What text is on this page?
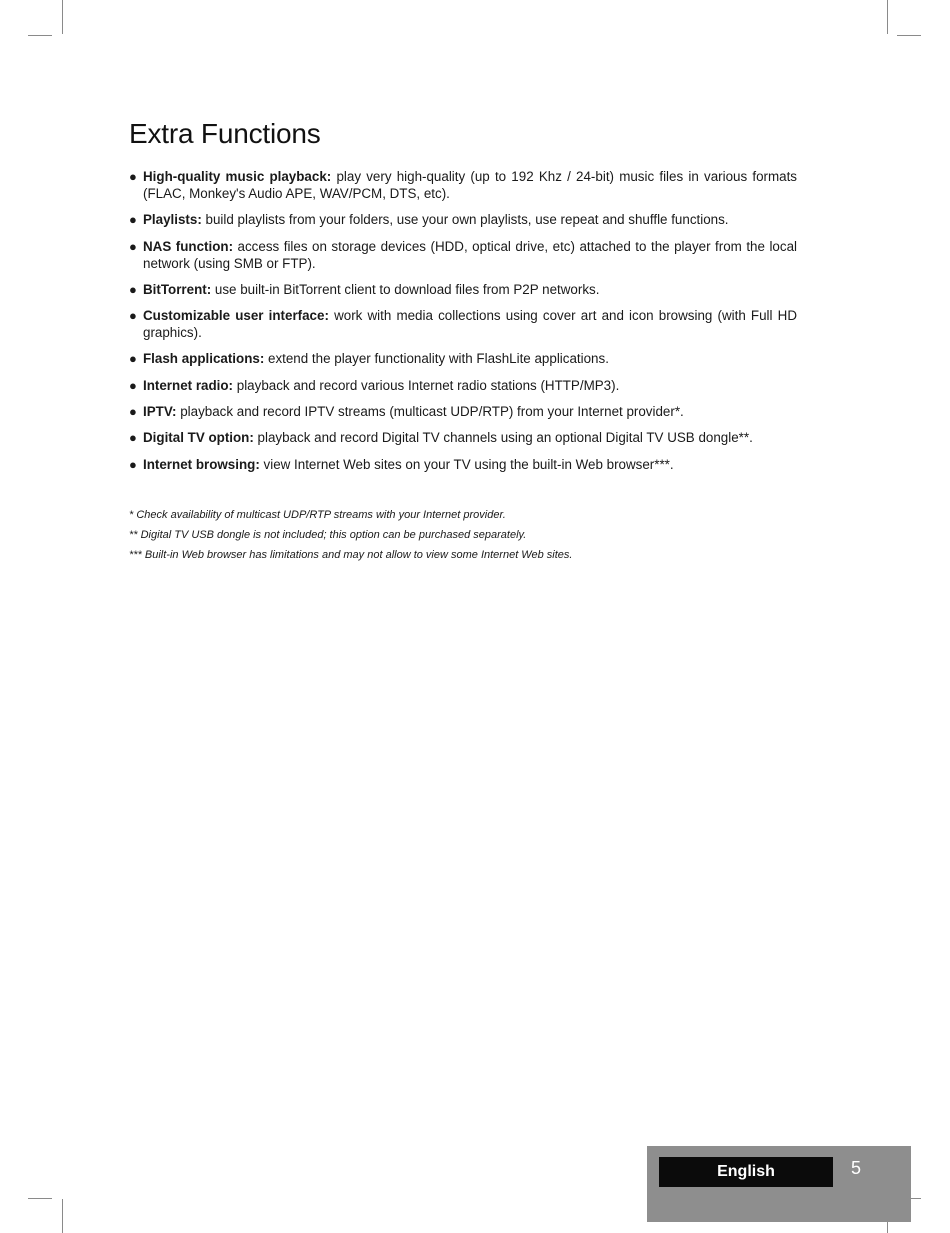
Extra Functions
● High-quality music playback: play very high-quality (up to 192 Khz / 24-bit) music files in various formats (FLAC, Monkey's Audio APE, WAV/PCM, DTS, etc).
● Playlists: build playlists from your folders, use your own playlists, use repeat and shuffle functions.
● NAS function: access files on storage devices (HDD, optical drive, etc) attached to the player from the local network (using SMB or FTP).
● BitTorrent: use built-in BitTorrent client to download files from P2P networks.
● Customizable user interface: work with media collections using cover art and icon browsing (with Full HD graphics).
● Flash applications: extend the player functionality with FlashLite applications.
● Internet radio: playback and record various Internet radio stations (HTTP/MP3).
● IPTV: playback and record IPTV streams (multicast UDP/RTP) from your Internet provider*.
● Digital TV option: playback and record Digital TV channels using an optional Digital TV USB dongle**.
● Internet browsing: view Internet Web sites on your TV using the built-in Web browser***.

* Check availability of multicast UDP/RTP streams with your Internet provider.

** Digital TV USB dongle is not included; this option can be purchased separately.

*** Built-in Web browser has limitations and may not allow to view some Internet Web sites.

English	5
